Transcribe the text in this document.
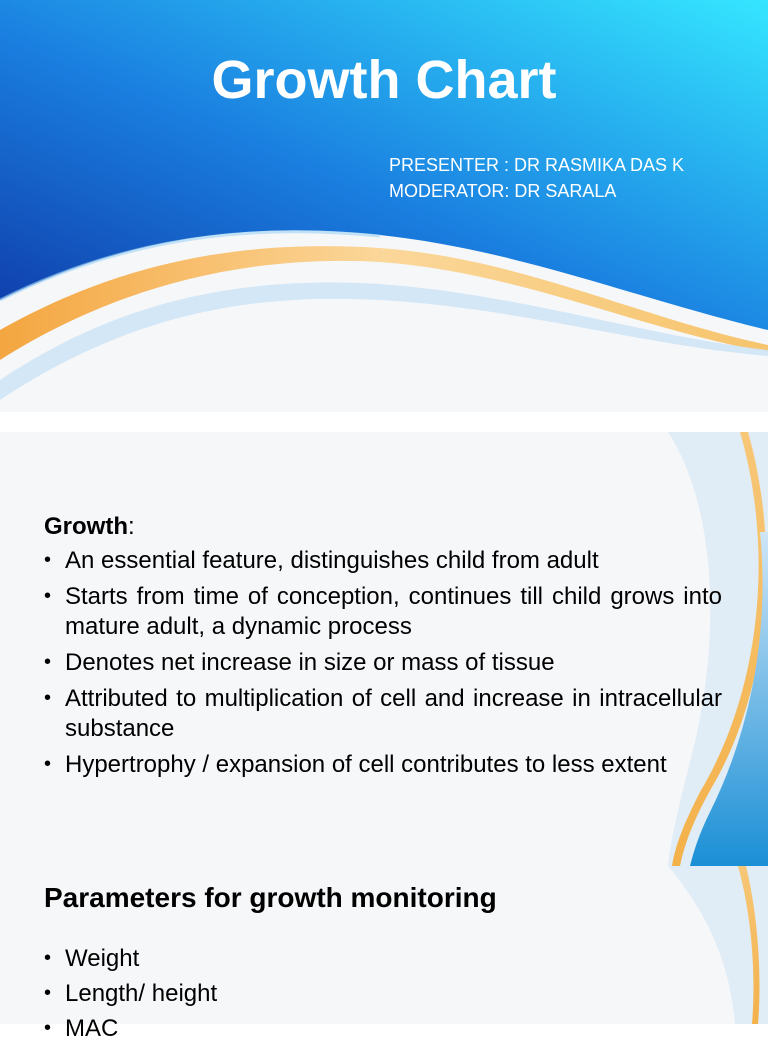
Growth Chart
PRESENTER : DR RASMIKA DAS K
MODERATOR: DR SARALA
Growth:
• An essential feature, distinguishes child from adult
• Starts from time of conception, continues till child grows into mature adult, a dynamic process
• Denotes net increase in size or mass of tissue
• Attributed to multiplication of cell and increase in intracellular substance
• Hypertrophy / expansion of cell contributes to less extent
Parameters for growth monitoring
• Weight
• Length/ height
• MAC
